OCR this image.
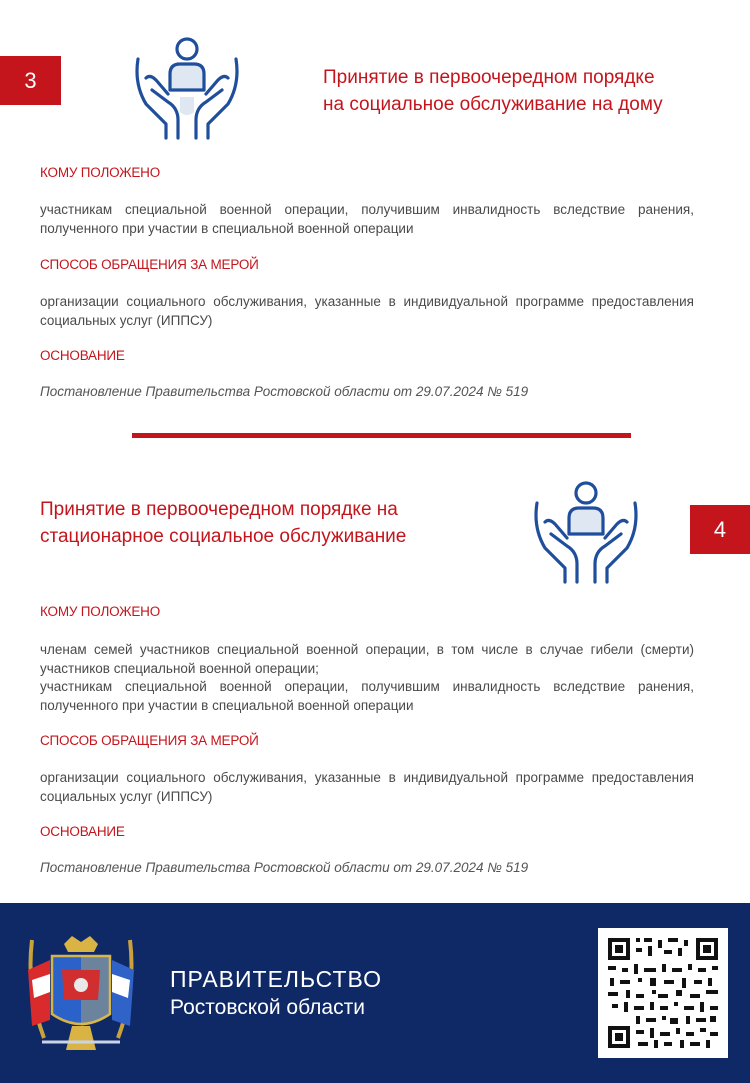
3	Принятие в первоочередном порядке
на социальное обслуживание на дому
КОМУ ПОЛОЖЕНО

участникам специальной военной операции, получившим инвалидность вследствие ранения, полученного при участии в специальной военной операции

СПОСОБ ОБРАЩЕНИЯ ЗА МЕРОЙ

организации социального обслуживания, указанные в индивидуальной программе предоставления социальных услуг (ИППСУ)

ОСНОВАНИЕ
Постановление Правительства Ростовской области от 29.07.2024 № 519
Принятие в первоочередном порядке на
стационарное социальное обслуживание	4
КОМУ ПОЛОЖЕНО

членам семей участников специальной военной операции, в том числе в случае гибели (смерти) участников специальной военной операции;

участникам специальной военной операции, получившим инвалидность вследствие ранения, полученного при участии в специальной военной операции

СПОСОБ ОБРАЩЕНИЯ ЗА МЕРОЙ

организации социального обслуживания, указанные в индивидуальной программе предоставления социальных услуг (ИППСУ)

ОСНОВАНИЕ
Постановление Правительства Ростовской области от 29.07.2024 № 519
ПРАВИТЕЛЬСТВО
Ростовской области
